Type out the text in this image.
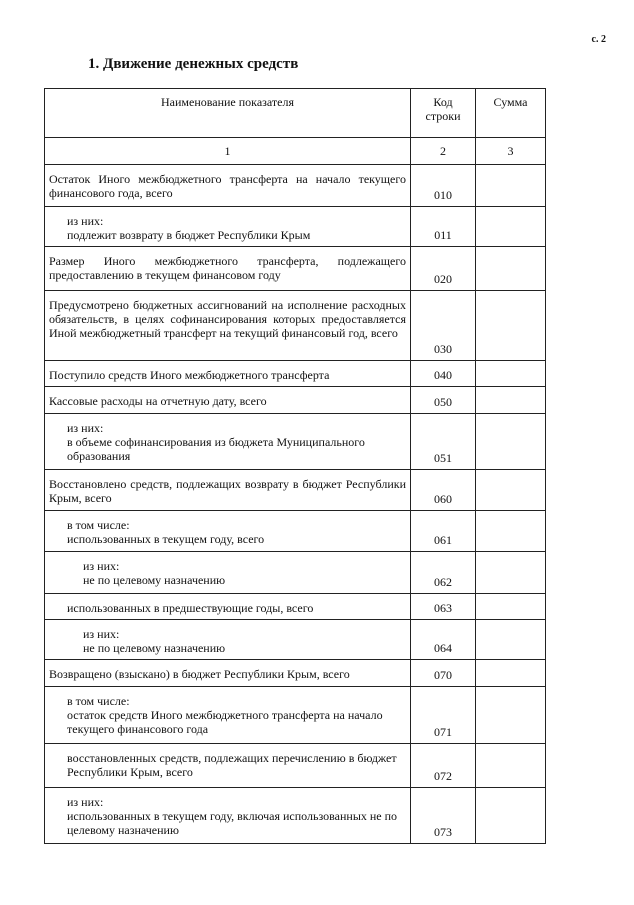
с. 2
1. Движение денежных средств
Наименование показателя	Код строки	Сумма
1	2	3

Остаток Иного межбюджетного трансферта на начало текущего финансового года, всего	010	

из них:
подлежит возврату в бюджет Республики Крым	011	

Размер Иного межбюджетного трансферта, подлежащего предоставлению в текущем финансовом году	020	

Предусмотрено бюджетных ассигнований на исполнение расходных обязательств, в целях софинансирования которых предоставляется Иной межбюджетный трансферт на текущий финансовый год, всего	030	

Поступило средств Иного межбюджетного трансферта	040	

Кассовые расходы на отчетную дату, всего	050	

из них:
в объеме софинансирования из бюджета Муниципального образования	051	

Восстановлено средств, подлежащих возврату в бюджет Республики Крым, всего	060	

в том числе:
использованных в текущем году, всего	061	

из них:
не по целевому назначению	062	

использованных в предшествующие годы, всего	063	

из них:
не по целевому назначению	064	

Возвращено (взыскано) в бюджет Республики Крым, всего	070	

в том числе:
остаток средств Иного межбюджетного трансферта на начало текущего финансового года	071	

восстановленных средств, подлежащих перечислению в бюджет Республики Крым, всего	072	

из них:
использованных в текущем году, включая использованных не по целевому назначению	073	
